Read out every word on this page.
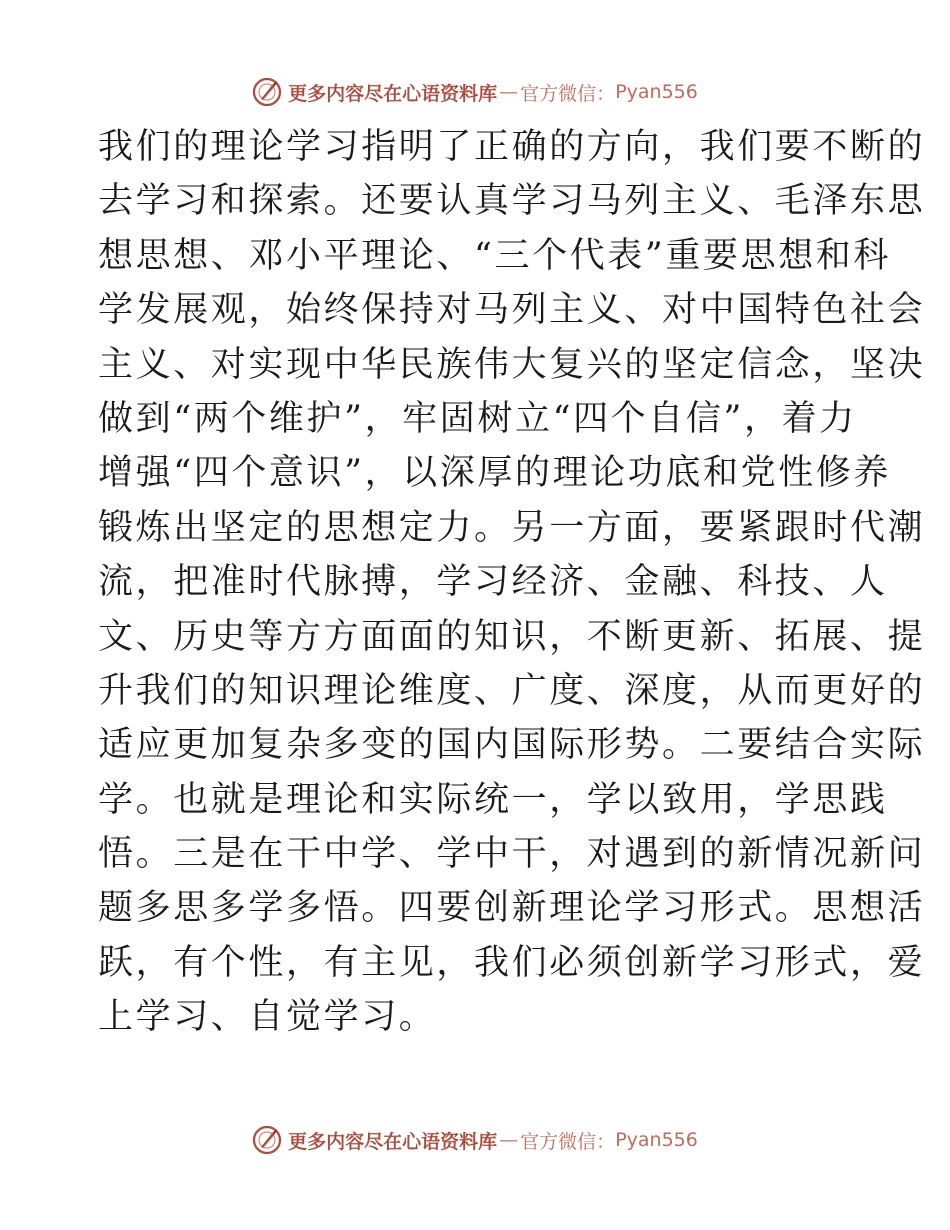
更多内容尽在心语资料库 — 官方微信： Pyan556
我们的理论学习指明了正确的方向，我们要不断的
去学习和探索。还要认真学习马列主义、毛泽东思
想思想、邓小平理论、“三个代表”重要思想和科
学发展观，始终保持对马列主义、对中国特色社会
主义、对实现中华民族伟大复兴的坚定信念，坚决
做到“两个维护”，牢固树立“四个自信”，着力
增强“四个意识”，以深厚的理论功底和党性修养
锻炼出坚定的思想定力。另一方面，要紧跟时代潮
流，把准时代脉搏，学习经济、金融、科技、人
文、历史等方方面面的知识，不断更新、拓展、提
升我们的知识理论维度、广度、深度，从而更好的
适应更加复杂多变的国内国际形势。二要结合实际
学。也就是理论和实际统一，学以致用，学思践
悟。三是在干中学、学中干，对遇到的新情况新问
题多思多学多悟。四要创新理论学习形式。思想活
跃，有个性，有主见，我们必须创新学习形式，爱
上学习、自觉学习。
更多内容尽在心语资料库 — 官方微信： Pyan556
